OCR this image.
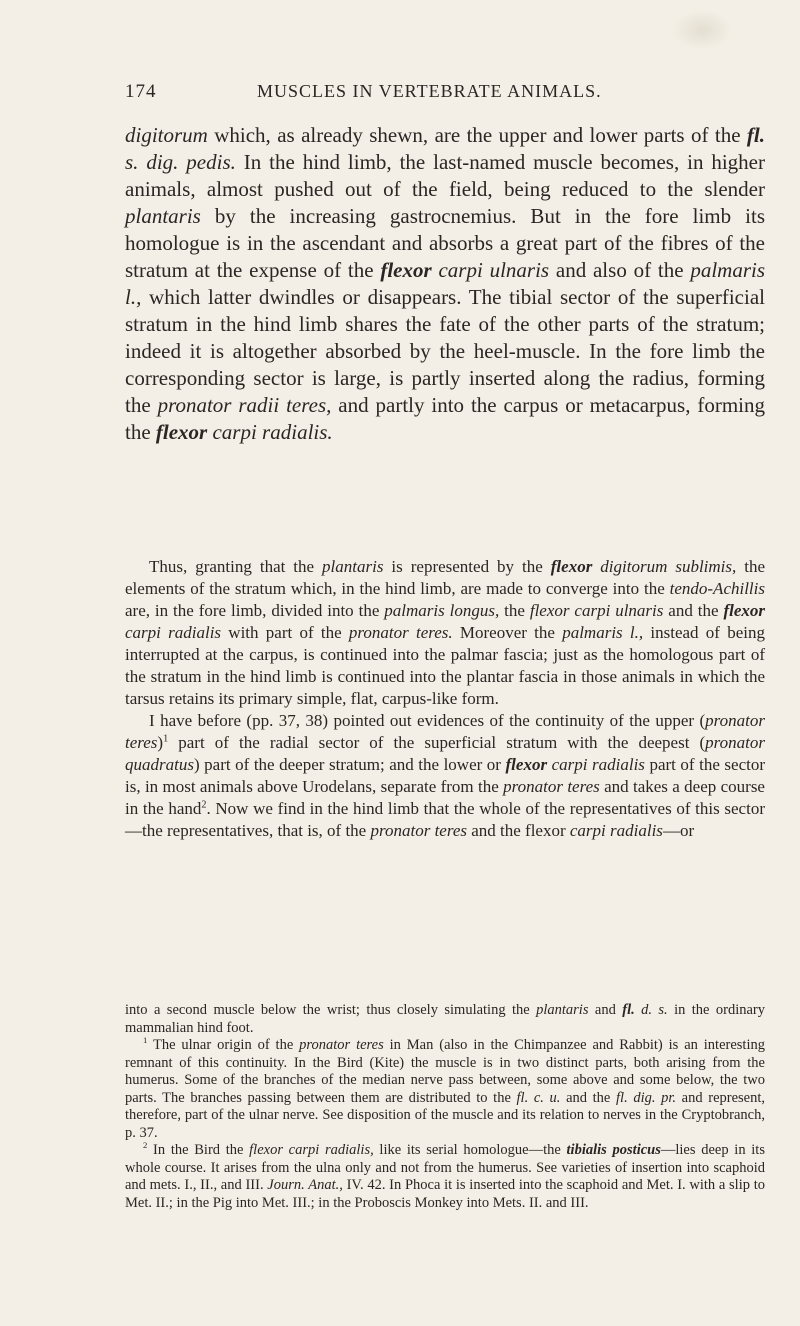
174	MUSCLES IN VERTEBRATE ANIMALS.

digitorum which, as already shewn, are the upper and lower parts of the fl. s. dig. pedis. In the hind limb, the last-named muscle becomes, in higher animals, almost pushed out of the field, being reduced to the slender plantaris by the increasing gastrocnemius. But in the fore limb its homologue is in the ascendant and absorbs a great part of the fibres of the stratum at the expense of the flexor carpi ulnaris and also of the palmaris l., which latter dwindles or disappears. The tibial sector of the superficial stratum in the hind limb shares the fate of the other parts of the stratum; indeed it is altogether absorbed by the heel-muscle. In the fore limb the corresponding sector is large, is partly inserted along the radius, forming the pronator radii teres, and partly into the carpus or metacarpus, forming the flexor carpi radialis.

Thus, granting that the plantaris is represented by the flexor digitorum sublimis, the elements of the stratum which, in the hind limb, are made to converge into the tendo-Achillis are, in the fore limb, divided into the palmaris longus, the flexor carpi ulnaris and the flexor carpi radialis with part of the pronator teres. Moreover the palmaris l., instead of being interrupted at the carpus, is continued into the palmar fascia; just as the homologous part of the stratum in the hind limb is continued into the plantar fascia in those animals in which the tarsus retains its primary simple, flat, carpus-like form.

I have before (pp. 37, 38) pointed out evidences of the continuity of the upper (pronator teres)$^1$ part of the radial sector of the superficial stratum with the deepest (pronator quadratus) part of the deeper stratum; and the lower or flexor carpi radialis part of the sector is, in most animals above Urodelans, separate from the pronator teres and takes a deep course in the hand$^2$. Now we find in the hind limb that the whole of the representatives of this sector—the representatives, that is, of the pronator teres and the flexor carpi radialis—or

into a second muscle below the wrist; thus closely simulating the plantaris and fl. d. s. in the ordinary mammalian hind foot.

$^1$ The ulnar origin of the pronator teres in Man (also in the Chimpanzee and Rabbit) is an interesting remnant of this continuity. In the Bird (Kite) the muscle is in two distinct parts, both arising from the humerus. Some of the branches of the median nerve pass between, some above and some below, the two parts. The branches passing between them are distributed to the fl. c. u. and the fl. dig. pr. and represent, therefore, part of the ulnar nerve. See disposition of the muscle and its relation to nerves in the Cryptobranch, p. 37.

$^2$ In the Bird the flexor carpi radialis, like its serial homologue—the tibialis posticus—lies deep in its whole course. It arises from the ulna only and not from the humerus. See varieties of insertion into scaphoid and mets. I., II., and III. Journ. Anat., IV. 42. In Phoca it is inserted into the scaphoid and Met. I. with a slip to Met. II.; in the Pig into Met. III.; in the Proboscis Monkey into Mets. II. and III.
